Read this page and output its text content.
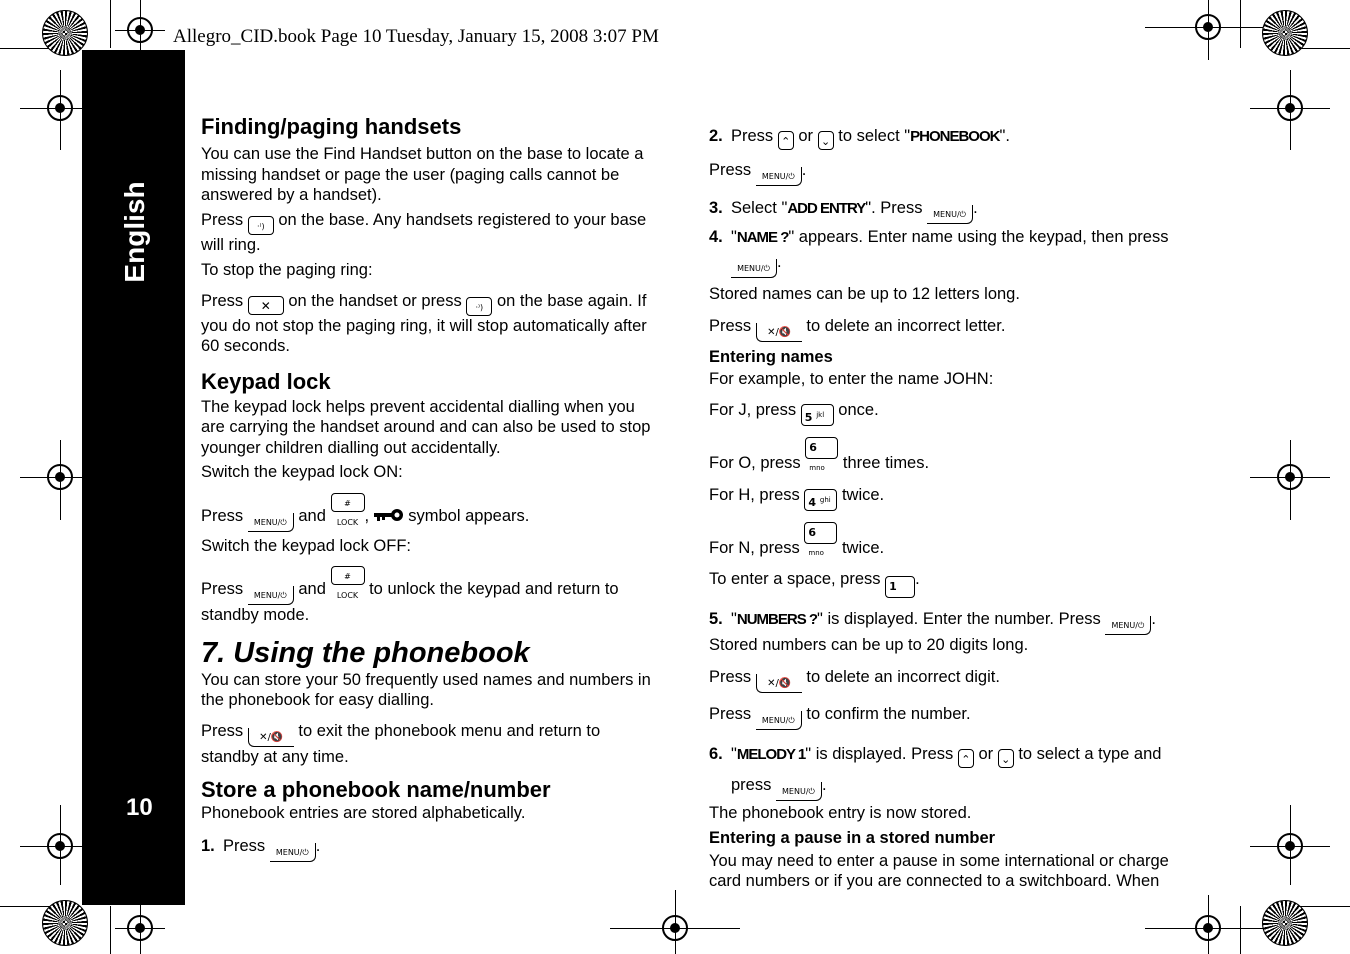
Allegro_CID.book Page 10 Tuesday, January 15, 2008 3:07 PM
English
10

Finding/paging handsets

You can use the Find Handset button on the base to locate a missing handset or page the user (paging calls cannot be answered by a handset).

Press ·⁾) on the base. Any handsets registered to your base will ring.

To stop the paging ring:

Press ✕ on the handset or press ·⁾) on the base again. If you do not stop the paging ring, it will stop automatically after 60 seconds.

Keypad lock

The keypad lock helps prevent accidental dialling when you are carrying the handset around and can also be used to stop younger children dialling out accidentally.

Switch the keypad lock ON:

Press MENU/⏻ and # LOCK ,  symbol appears.

Switch the keypad lock OFF:

Press MENU/⏻ and # LOCK to unlock the keypad and return to standby mode.

7. Using the phonebook

You can store your 50 frequently used names and numbers in the phonebook for easy dialling.

Press ✕/🔇 to exit the phonebook menu and return to standby at any time.

Store a phonebook name/number

Phonebook entries are stored alphabetically.

1. Press MENU/⏻ .

2. Press ⌃ or ⌄ to select "PHONEBOOK".

Press MENU/⏻ .

3. Select "ADD ENTRY". Press MENU/⏻ .

4. "NAME ?" appears. Enter name using the keypad, then press

MENU/⏻ .

Stored names can be up to 12 letters long.

Press ✕/🔇 to delete an incorrect letter.

Entering names

For example, to enter the name JOHN:

For J, press 5 $^{jkl}$ once.

For O, press 6 $^{mno}$ three times.

For H, press 4 $^{ghi}$ twice.

For N, press 6 $^{mno}$ twice.

To enter a space, press 1 .

5. "NUMBERS ?" is displayed. Enter the number. Press MENU/⏻ .

Stored numbers can be up to 20 digits long.

Press ✕/🔇 to delete an incorrect digit.

Press MENU/⏻ to confirm the number.

6. "MELODY 1" is displayed. Press ⌃ or ⌄ to select a type and

press MENU/⏻ .

The phonebook entry is now stored.

Entering a pause in a stored number

You may need to enter a pause in some international or charge card numbers or if you are connected to a switchboard. When
